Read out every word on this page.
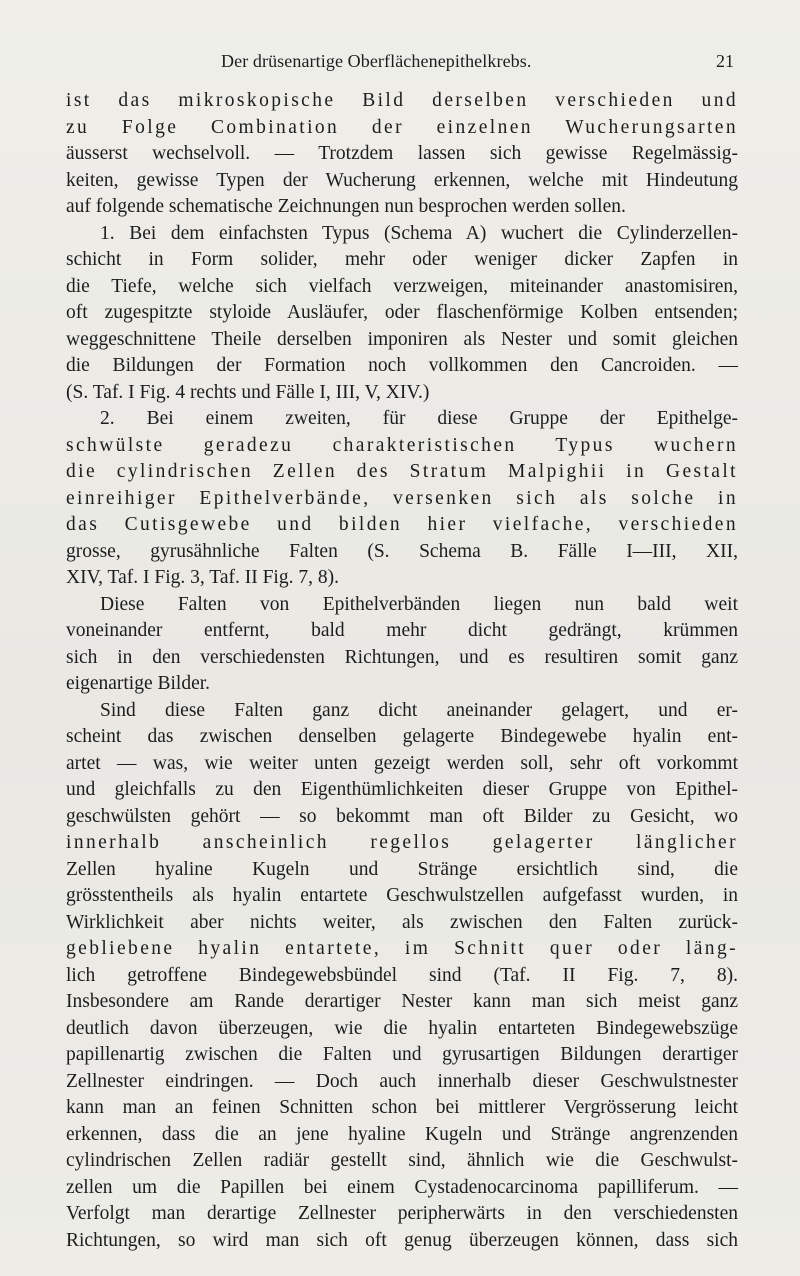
Der drüsenartige Oberflächenepithelkrebs.	21
ist das mikroskopische Bild derselben verschieden und
zu Folge Combination der einzelnen Wucherungsarten
äusserst wechselvoll. — Trotzdem lassen sich gewisse Regelmässig-
keiten, gewisse Typen der Wucherung erkennen, welche mit Hindeutung
auf folgende schematische Zeichnungen nun besprochen werden sollen.
1. Bei dem einfachsten Typus (Schema A) wuchert die Cylinderzellen-
schicht in Form solider, mehr oder weniger dicker Zapfen in
die Tiefe, welche sich vielfach verzweigen, miteinander anastomisiren,
oft zugespitzte styloide Ausläufer, oder flaschenförmige Kolben entsenden;
weggeschnittene Theile derselben imponiren als Nester und somit gleichen
die Bildungen der Formation noch vollkommen den Cancroiden. —
(S. Taf. I Fig. 4 rechts und Fälle I, III, V, XIV.)
2. Bei einem zweiten, für diese Gruppe der Epithelge-
schwülste geradezu charakteristischen Typus wuchern
die cylindrischen Zellen des Stratum Malpighii in Gestalt
einreihiger Epithelverbände, versenken sich als solche in
das Cutisgewebe und bilden hier vielfache, verschieden
grosse, gyrusähnliche Falten (S. Schema B. Fälle I—III, XII,
XIV, Taf. I Fig. 3, Taf. II Fig. 7, 8).
Diese Falten von Epithelverbänden liegen nun bald weit
voneinander entfernt, bald mehr dicht gedrängt, krümmen
sich in den verschiedensten Richtungen, und es resultiren somit ganz
eigenartige Bilder.
Sind diese Falten ganz dicht aneinander gelagert, und er-
scheint das zwischen denselben gelagerte Bindegewebe hyalin ent-
artet — was, wie weiter unten gezeigt werden soll, sehr oft vorkommt
und gleichfalls zu den Eigenthümlichkeiten dieser Gruppe von Epithel-
geschwülsten gehört — so bekommt man oft Bilder zu Gesicht, wo
innerhalb anscheinlich regellos gelagerter länglicher
Zellen hyaline Kugeln und Stränge ersichtlich sind, die
grösstentheils als hyalin entartete Geschwulstzellen aufgefasst wurden, in
Wirklichkeit aber nichts weiter, als zwischen den Falten zurück-
gebliebene hyalin entartete, im Schnitt quer oder läng-
lich getroffene Bindegewebsbündel sind (Taf. II Fig. 7, 8).
Insbesondere am Rande derartiger Nester kann man sich meist ganz
deutlich davon überzeugen, wie die hyalin entarteten Bindegewebszüge
papillenartig zwischen die Falten und gyrusartigen Bildungen derartiger
Zellnester eindringen. — Doch auch innerhalb dieser Geschwulstnester
kann man an feinen Schnitten schon bei mittlerer Vergrösserung leicht
erkennen, dass die an jene hyaline Kugeln und Stränge angrenzenden
cylindrischen Zellen radiär gestellt sind, ähnlich wie die Geschwulst-
zellen um die Papillen bei einem Cystadenocarcinoma papilliferum. —
Verfolgt man derartige Zellnester peripherwärts in den verschiedensten
Richtungen, so wird man sich oft genug überzeugen können, dass sich
